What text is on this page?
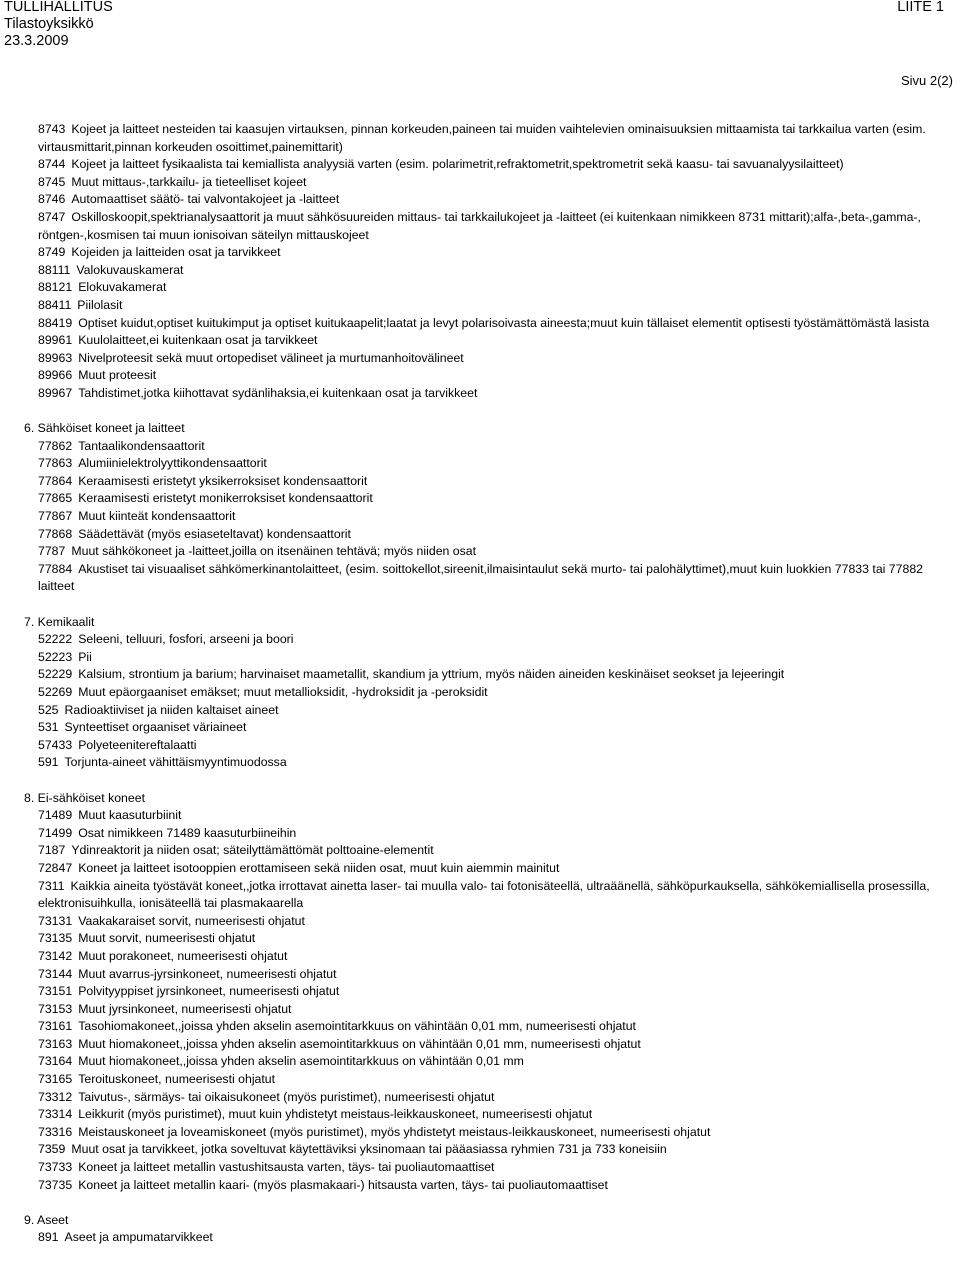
TULLIHALLITUS
Tilastoyksikkö
23.3.2009
LIITE 1
Sivu 2(2)
8743 Kojeet ja laitteet nesteiden tai kaasujen virtauksen, pinnan korkeuden,paineen tai muiden vaihtelevien ominaisuuksien mittaamista tai tarkkailua varten (esim. virtausmittarit,pinnan korkeuden osoittimet,painemittarit)
8744 Kojeet ja laitteet fysikaalista tai kemiallista analyysiä varten (esim. polarimetrit,refraktometrit,spektrometrit sekä kaasu- tai savuanalyysilaitteet)
8745 Muut mittaus-,tarkkailu- ja tieteelliset kojeet
8746 Automaattiset säätö- tai valvontakojeet ja -laitteet
8747 Oskilloskoopit,spektrianalysaattorit ja muut sähkösuureiden mittaus- tai tarkkailukojeet ja -laitteet (ei kuitenkaan nimikkeen 8731 mittarit);alfa-,beta-,gamma-, röntgen-,kosmisen tai muun ionisoivan säteilyn mittauskojeet
8749 Kojeiden ja laitteiden osat ja tarvikkeet
88111 Valokuvauskamerat
88121 Elokuvakamerat
88411 Piilolasit
88419 Optiset kuidut,optiset kuitukimput ja optiset kuitukaapelit;laatat ja levyt polarisoivasta aineesta;muut kuin tällaiset elementit optisesti työstämättömästä lasista
89961 Kuulolaitteet,ei kuitenkaan osat ja tarvikkeet
89963 Nivelproteesit sekä muut ortopediset välineet ja murtumanhoitovälineet
89966 Muut proteesit
89967 Tahdistimet,jotka kiihottavat sydänlihaksia,ei kuitenkaan osat ja tarvikkeet
6. Sähköiset koneet ja laitteet
77862 Tantaalikondensaattorit
77863 Alumiinielektrolyyttikondensaattorit
77864 Keraamisesti eristetyt yksikerroksiset kondensaattorit
77865 Keraamisesti eristetyt monikerroksiset kondensaattorit
77867 Muut kiinteät kondensaattorit
77868 Säädettävät (myös esiaseteltavat) kondensaattorit
7787 Muut sähkökoneet ja -laitteet,joilla on itsenäinen tehtävä; myös niiden osat
77884 Akustiset tai visuaaliset sähkömerkinantolaitteet, (esim. soittokellot,sireenit,ilmaisintaulut sekä murto- tai palohälyttimet),muut kuin luokkien 77833 tai 77882 laitteet
7. Kemikaalit
52222 Seleeni, telluuri, fosfori, arseeni ja boori
52223 Pii
52229 Kalsium, strontium ja barium; harvinaiset maametallit, skandium ja yttrium, myös näiden aineiden keskinäiset seokset ja lejeeringit
52269 Muut epäorgaaniset emäkset; muut metallioksidit, -hydroksidit ja -peroksidit
525 Radioaktiiviset ja niiden kaltaiset aineet
531 Synteettiset orgaaniset väriaineet
57433 Polyeteenitereftalaatti
591 Torjunta-aineet vähittäismyyntimuodossa
8. Ei-sähköiset koneet
71489 Muut kaasuturbiinit
71499 Osat nimikkeen 71489 kaasuturbiineihin
7187 Ydinreaktorit ja niiden osat; säteilyttämättömät polttoaine-elementit
72847 Koneet ja laitteet isotooppien erottamiseen sekä niiden osat, muut kuin aiemmin mainitut
7311 Kaikkia aineita työstävät koneet,,jotka irrottavat ainetta laser- tai muulla valo- tai fotonisäteellä, ultraäänellä, sähköpurkauksella, sähkökemiallisella prosessilla, elektronisuihkulla, ionisäteellä tai plasmakaarella
73131 Vaakakaraiset sorvit, numeerisesti ohjatut
73135 Muut sorvit, numeerisesti ohjatut
73142 Muut porakoneet, numeerisesti ohjatut
73144 Muut avarrus-jyrsinkoneet, numeerisesti ohjatut
73151 Polvityyppiset jyrsinkoneet, numeerisesti ohjatut
73153 Muut jyrsinkoneet, numeerisesti ohjatut
73161 Tasohiomakoneet,,joissa yhden akselin asemointitarkkuus on vähintään 0,01 mm, numeerisesti ohjatut
73163 Muut hiomakoneet,,joissa yhden akselin asemointitarkkuus on vähintään 0,01 mm, numeerisesti ohjatut
73164 Muut hiomakoneet,,joissa yhden akselin asemointitarkkuus on vähintään 0,01 mm
73165 Teroituskoneet, numeerisesti ohjatut
73312 Taivutus-, särmäys- tai oikaisukoneet (myös puristimet), numeerisesti ohjatut
73314 Leikkurit (myös puristimet), muut kuin yhdistetyt meistaus-leikkauskoneet, numeerisesti ohjatut
73316 Meistauskoneet ja loveamiskoneet (myös puristimet), myös yhdistetyt meistaus-leikkauskoneet, numeerisesti ohjatut
7359 Muut osat ja tarvikkeet, jotka soveltuvat käytettäviksi yksinomaan tai pääasiassa ryhmien 731 ja 733 koneisiin
73733 Koneet ja laitteet metallin vastushitsausta varten, täys- tai puoliautomaattiset
73735 Koneet ja laitteet metallin kaari- (myös plasmakaari-) hitsausta varten, täys- tai puoliautomaattiset
9. Aseet
891 Aseet ja ampumatarvikkeet
